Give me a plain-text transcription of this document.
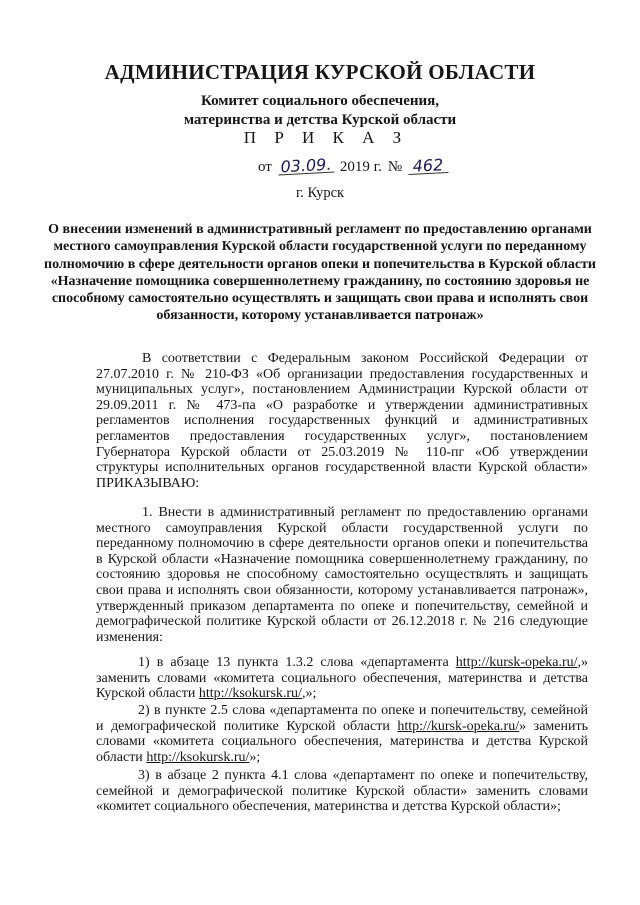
АДМИНИСТРАЦИЯ КУРСКОЙ ОБЛАСТИ
Комитет социального обеспечения,
материнства и детства Курской области
П Р И К А З
от 03.09. 2019 г. № 462
г. Курск
О внесении изменений в административный регламент по предоставлению органами местного самоуправления Курской области государственной услуги по переданному полномочию в сфере деятельности органов опеки и попечительства в Курской области «Назначение помощника совершеннолетнему гражданину, по состоянию здоровья не способному самостоятельно осуществлять и защищать свои права и исполнять свои обязанности, которому устанавливается патронаж»
В соответствии с Федеральным законом Российской Федерации от 27.07.2010 г. № 210-ФЗ «Об организации предоставления государственных и муниципальных услуг», постановлением Администрации Курской области от 29.09.2011 г. № 473-па «О разработке и утверждении административных регламентов исполнения государственных функций и административных регламентов предоставления государственных услуг», постановлением Губернатора Курской области от 25.03.2019 № 110-пг «Об утверждении структуры исполнительных органов государственной власти Курской области» ПРИКАЗЫВАЮ:
1. Внести в административный регламент по предоставлению органами местного самоуправления Курской области государственной услуги по переданному полномочию в сфере деятельности органов опеки и попечительства в Курской области «Назначение помощника совершеннолетнему гражданину, по состоянию здоровья не способному самостоятельно осуществлять и защищать свои права и исполнять свои обязанности, которому устанавливается патронаж», утвержденный приказом департамента по опеке и попечительству, семейной и демографической политике Курской области от 26.12.2018 г. № 216 следующие изменения:
1) в абзаце 13 пункта 1.3.2 слова «департамента http://kursk-opeka.ru/,» заменить словами «комитета социального обеспечения, материнства и детства Курской области http://ksokursk.ru/,»;
2) в пункте 2.5 слова «департамента по опеке и попечительству, семейной и демографической политике Курской области http://kursk-opeka.ru/» заменить словами «комитета социального обеспечения, материнства и детства Курской области http://ksokursk.ru/»;
3) в абзаце 2 пункта 4.1 слова «департамент по опеке и попечительству, семейной и демографической политике Курской области» заменить словами «комитет социального обеспечения, материнства и детства Курской области»;
